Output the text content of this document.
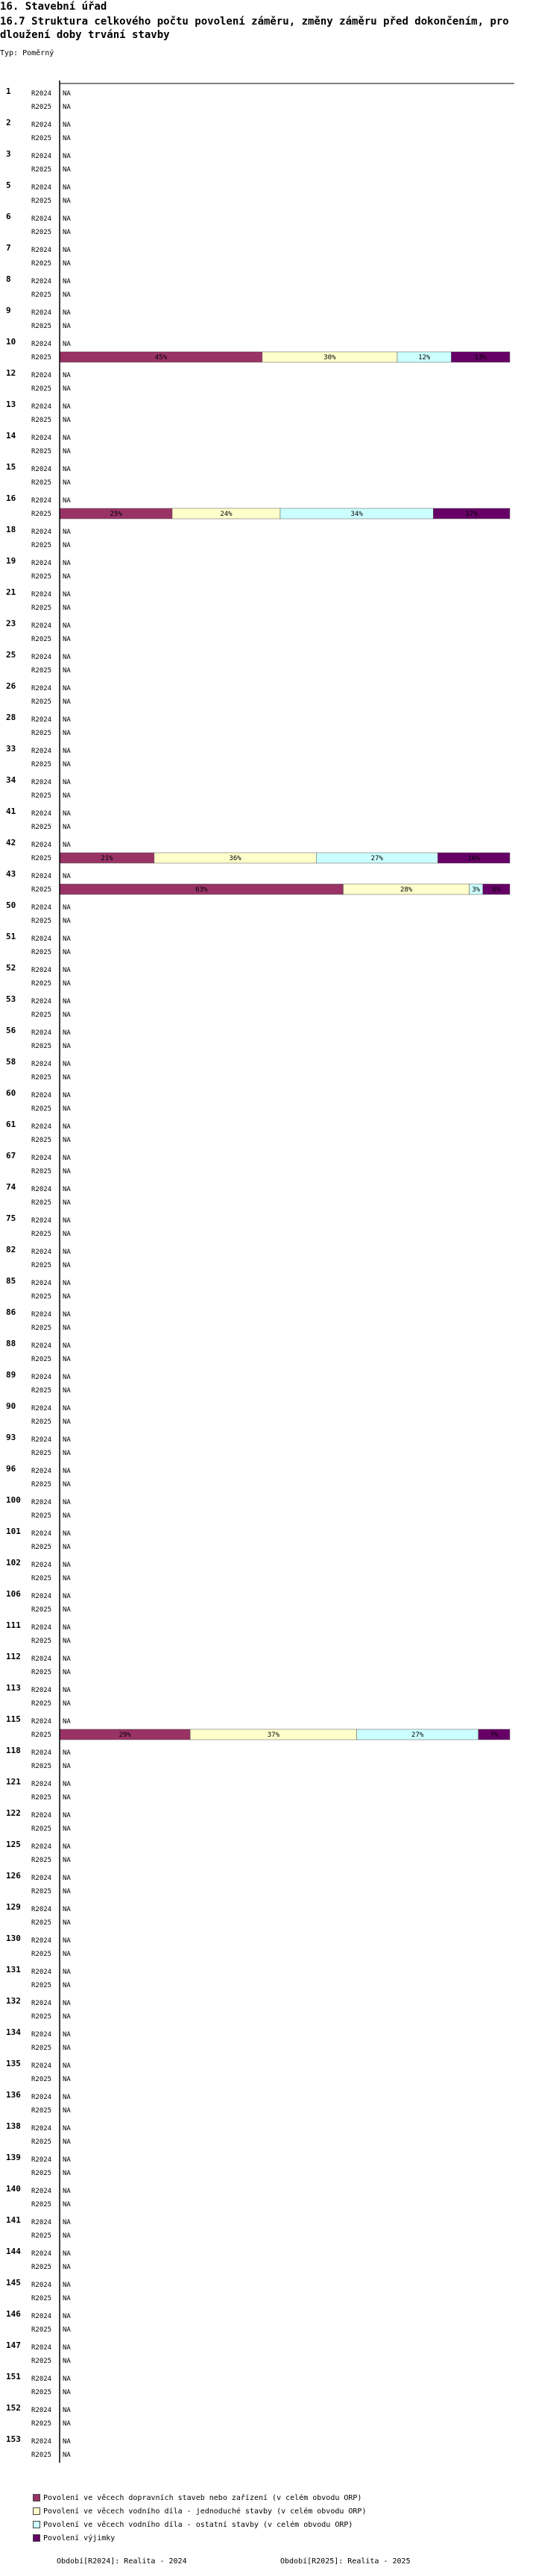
16. Stavební úřad
16.7 Struktura celkového počtu povolení záměru, změny záměru před dokončením, pro dloužení doby trvání stavby
Typ: Poměrný
1	R2024 NA
R2025 NA
2	R2024 NA
R2025 NA
3	R2024 NA
R2025 NA
5	R2024 NA
R2025 NA
6	R2024 NA
R2025 NA
7	R2024 NA
R2025 NA
8	R2024 NA
R2025 NA
9	R2024 NA
R2025 NA
10 R2024 NA
R2025	45%	30%	12%	13%
12 R2024 NA
R2025 NA
13 R2024 NA
R2025 NA
14 R2024 NA
R2025 NA
15 R2024 NA
R2025 NA
16 R2024 NA
R2025	25%	24%	34%	17%
18 R2024 NA
R2025 NA
19 R2024 NA
R2025 NA
21 R2024 NA
R2025 NA
23 R2024 NA
R2025 NA
25 R2024 NA
R2025 NA
26 R2024 NA
R2025 NA
28 R2024 NA
R2025 NA
33 R2024 NA
R2025 NA
34 R2024 NA
R2025 NA
41 R2024 NA
R2025 NA
42 R2024 NA
R2025	21%	36%	27%	16%
43 R2024 NA
R2025	63%	28%	3% 6%
50 R2024 NA
R2025 NA
51 R2024 NA
R2025 NA
52 R2024 NA
R2025 NA
53 R2024 NA
R2025 NA
56 R2024 NA
R2025 NA
58 R2024 NA
R2025 NA
60 R2024 NA
R2025 NA
61 R2024 NA
R2025 NA
67 R2024 NA
R2025 NA
74 R2024 NA
R2025 NA
75 R2024 NA
R2025 NA
82 R2024 NA
R2025 NA
85 R2024 NA
R2025 NA
86 R2024 NA
R2025 NA
88 R2024 NA
R2025 NA
89 R2024 NA
R2025 NA
90 R2024 NA
R2025 NA
93 R2024 NA
R2025 NA
96 R2024 NA
R2025 NA
100 R2024 NA
R2025 NA
101 R2024 NA
R2025 NA
102 R2024 NA
R2025 NA
106 R2024 NA
R2025 NA
111 R2024 NA
R2025 NA
112 R2024 NA
R2025 NA
113 R2024 NA
R2025 NA
115 R2024 NA
R2025	29%	37%	27%	7%
118 R2024 NA
R2025 NA
121 R2024 NA
R2025 NA
122 R2024 NA
R2025 NA
125 R2024 NA
R2025 NA
126 R2024 NA
R2025 NA
129 R2024 NA
R2025 NA
130 R2024 NA
R2025 NA
131 R2024 NA
R2025 NA
132 R2024 NA
R2025 NA
134 R2024 NA
R2025 NA
135 R2024 NA
R2025 NA
136 R2024 NA
R2025 NA
138 R2024 NA
R2025 NA
139 R2024 NA
R2025 NA
140 R2024 NA
R2025 NA
141 R2024 NA
R2025 NA
144 R2024 NA
R2025 NA
145 R2024 NA
R2025 NA
146 R2024 NA
R2025 NA
147 R2024 NA
R2025 NA
151 R2024 NA
R2025 NA
152 R2024 NA
R2025 NA
153 R2024 NA
R2025 NA
Povolení ve věcech dopravních staveb nebo zařízení (v celém obvodu ORP)
Povolení ve věcech vodního díla - jednoduché stavby (v celém obvodu ORP)
Povolení ve věcech vodního díla - ostatní stavby (v celém obvodu ORP)
Povolení výjimky
Období[R2024]: Realita - 2024	Období[R2025]: Realita - 2025
